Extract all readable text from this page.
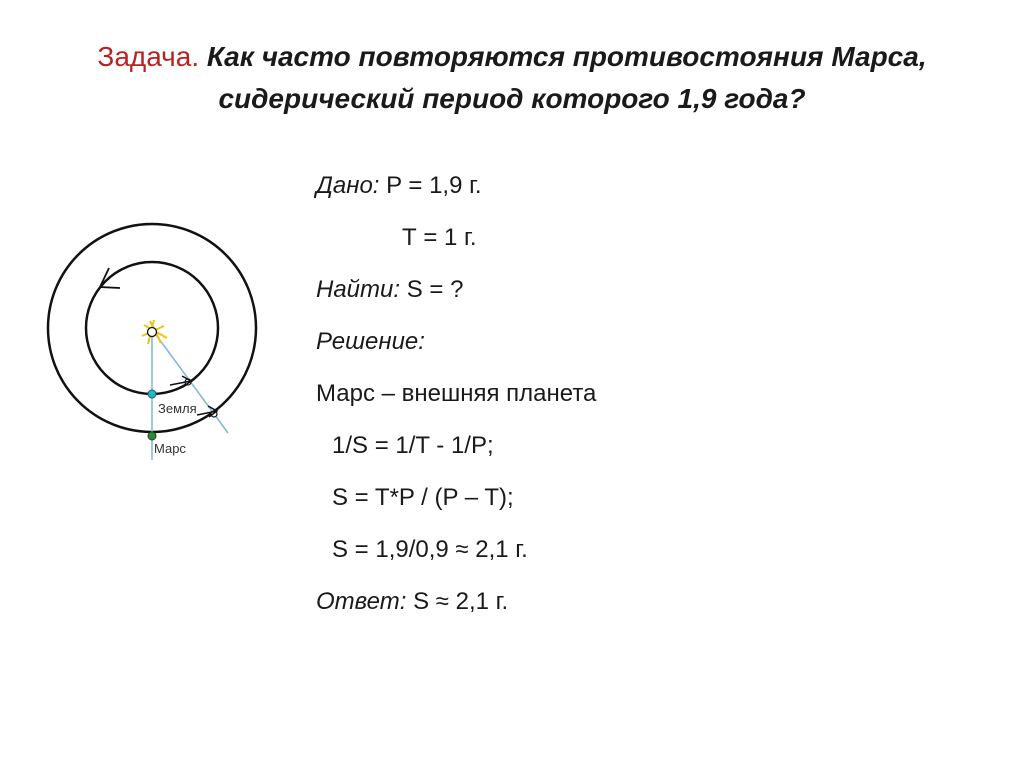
Задача. Как часто повторяются противостояния Марса,
сидерический период которого 1,9 года?
Земля
Марс
Дано: P = 1,9 г.
Т = 1 г.
Найти: S = ?
Решение:
Марс – внешняя планета
1/S = 1/T - 1/P;
S = T*P / (P – T);
S = 1,9/0,9 ≈ 2,1 г.
Ответ: S ≈ 2,1 г.
